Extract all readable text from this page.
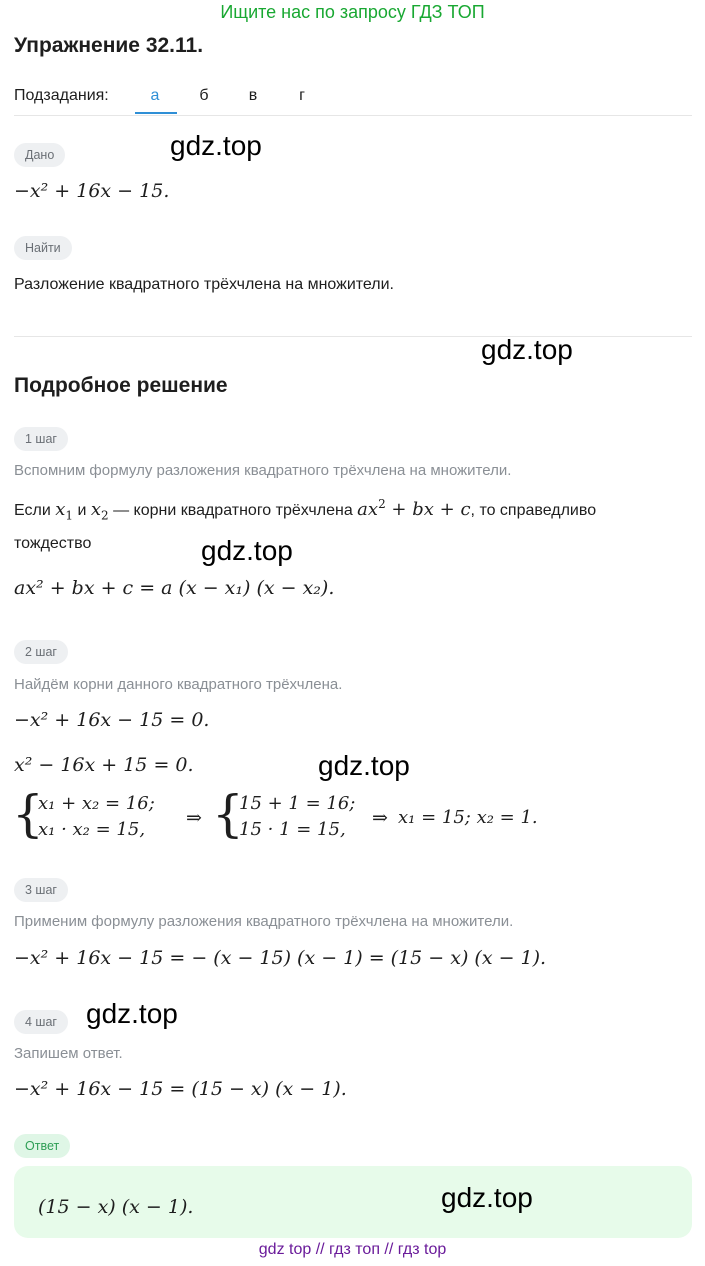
Ищите нас по запросу ГДЗ ТОП
Упражнение 32.11.
Подзадания:	а	б	в	г
Дано	gdz.top
−x² + 16x − 15.
Найти
Разложение квадратного трёхчлена на множители.
gdz.top
Подробное решение
1 шаг
Вспомним формулу разложения квадратного трёхчлена на множители.
Если $x_1$ и $x_2$ — корни квадратного трёхчлена $ax^2$ + bx + c, то справедливо
тождество	gdz.top
ax² + bx + c = a (x − x₁) (x − x₂).
2 шаг
Найдём корни данного квадратного трёхчлена.
−x² + 16x − 15 = 0.
x² − 16x + 15 = 0.	gdz.top
{
x₁ + x₂ = 16;
x₁ · x₂ = 15,
⇒ {
15 + 1 = 16;
15 · 1 = 15,
⇒ x₁ = 15; x₂ = 1.
3 шаг
Применим формулу разложения квадратного трёхчлена на множители.
−x² + 16x − 15 = − (x − 15) (x − 1) = (15 − x) (x − 1).
4 шаг	gdz.top
Запишем ответ.
−x² + 16x − 15 = (15 − x) (x − 1).
Ответ
(15 − x) (x − 1).	gdz.top
gdz top // гдз топ // гдз top
